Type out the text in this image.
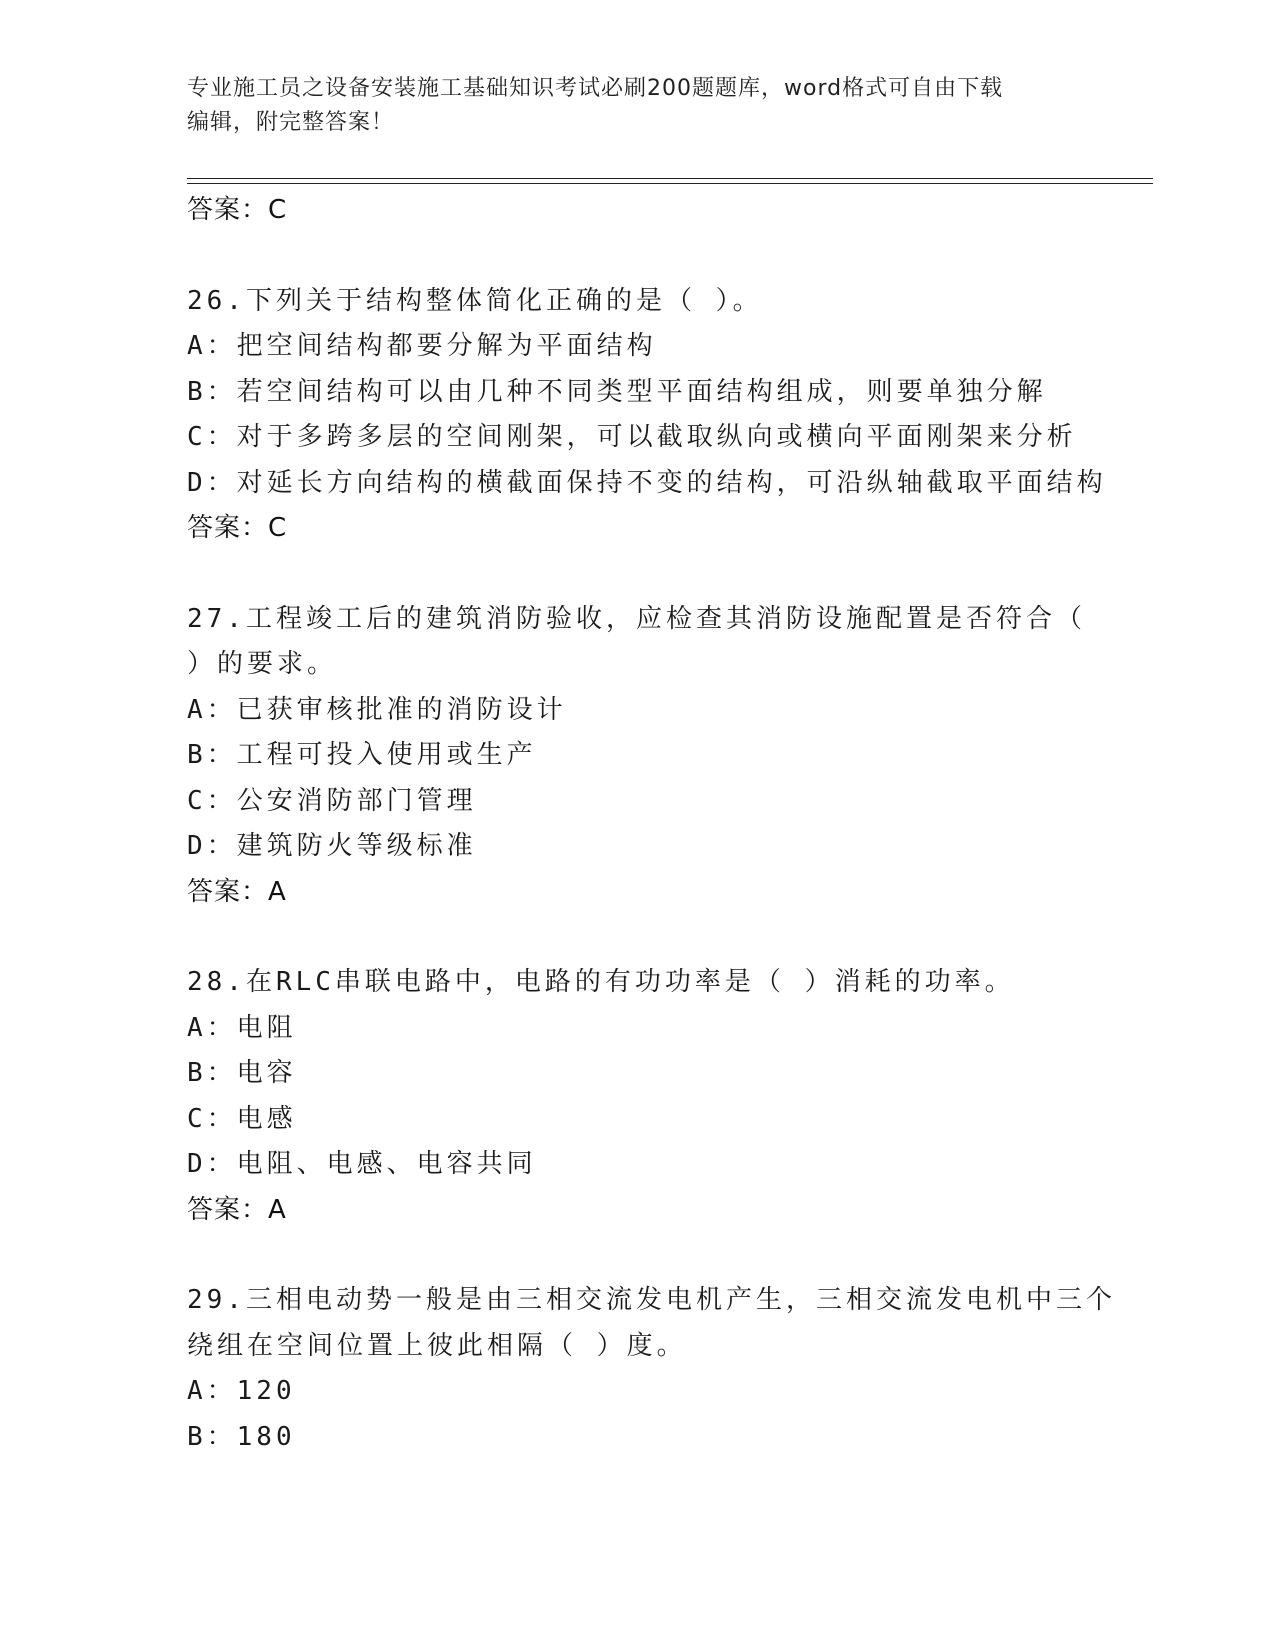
专业施工员之设备安装施工基础知识考试必刷200题题库，word格式可自由下载
编辑，附完整答案！
答案：C
26.下列关于结构整体简化正确的是（ ）。
A：把空间结构都要分解为平面结构
B：若空间结构可以由几种不同类型平面结构组成，则要单独分解
C：对于多跨多层的空间刚架，可以截取纵向或横向平面刚架来分析
D：对延长方向结构的横截面保持不变的结构，可沿纵轴截取平面结构
答案：C
27.工程竣工后的建筑消防验收，应检查其消防设施配置是否符合（
）的要求。
A：已获审核批准的消防设计
B：工程可投入使用或生产
C：公安消防部门管理
D：建筑防火等级标准
答案：A
28.在RLC串联电路中，电路的有功功率是（ ）消耗的功率。
A：电阻
B：电容
C：电感
D：电阻、电感、电容共同
答案：A
29.三相电动势一般是由三相交流发电机产生，三相交流发电机中三个
绕组在空间位置上彼此相隔（ ）度。
A：120
B：180
